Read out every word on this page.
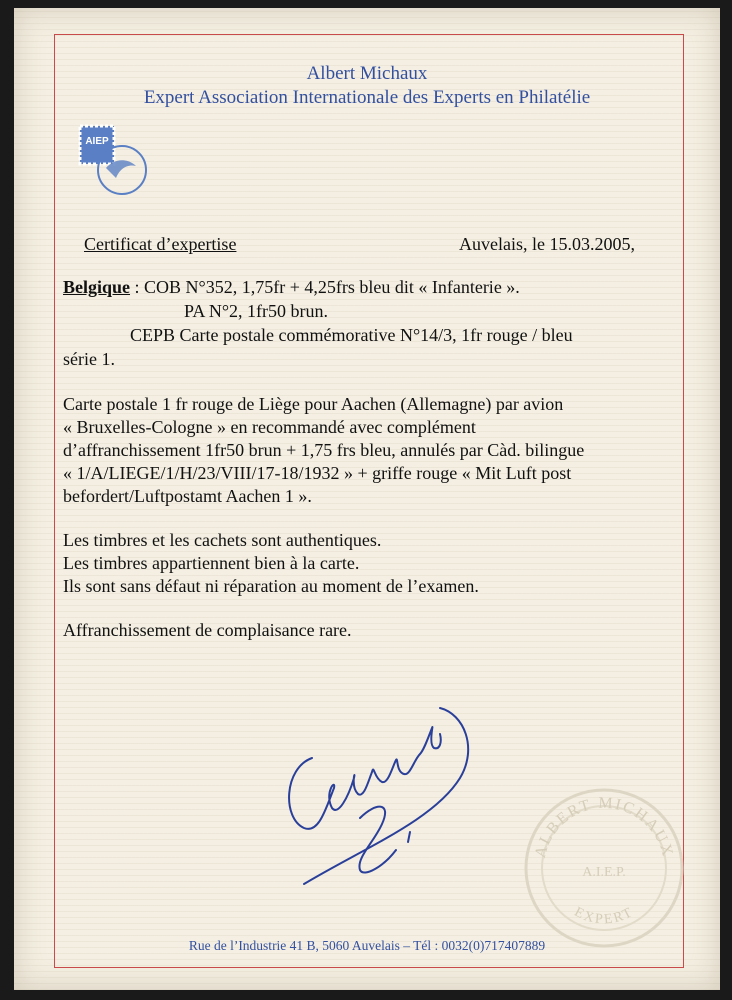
Albert Michaux
Expert Association Internationale des Experts en Philatélie
AIEP
Certificat d’expertise	Auvelais, le 15.03.2005,
Belgique : COB N°352, 1,75fr + 4,25frs bleu dit « Infanterie ».
PA N°2, 1fr50 brun.
CEPB Carte postale commémorative N°14/3, 1fr rouge / bleu
série 1.
Carte postale 1 fr rouge de Liège pour Aachen (Allemagne) par avion
« Bruxelles-Cologne » en recommandé avec complément
d’affranchissement 1fr50 brun + 1,75 frs bleu, annulés par Càd. bilingue
« 1/A/LIEGE/1/H/23/VIII/17-18/1932 » + griffe rouge « Mit Luft post
befordert/Luftpostamt Aachen 1 ».
Les timbres et les cachets sont authentiques.
Les timbres appartiennent bien à la carte.
Ils sont sans défaut ni réparation au moment de l’examen.
Affranchissement de complaisance rare.
ALBERT MICHAUX
A.I.E.P.
EXPERT
Rue de l’Industrie 41 B, 5060 Auvelais – Tél : 0032(0)717407889
